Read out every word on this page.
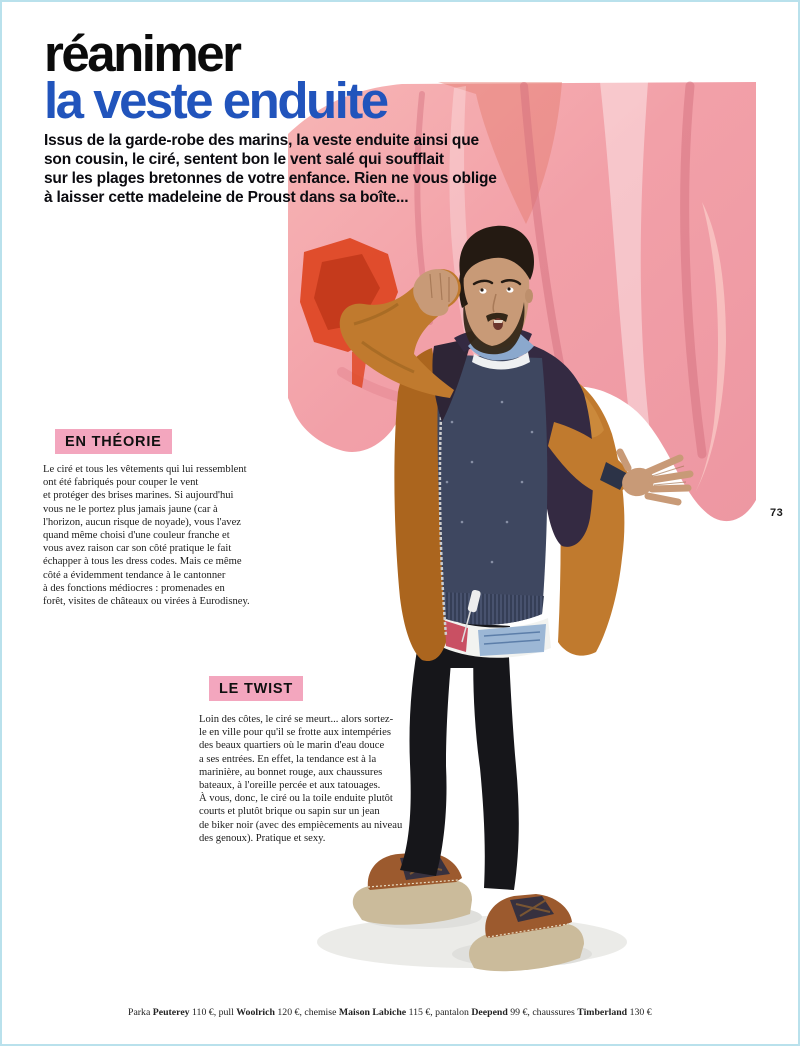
réanimer
la veste enduite
Issus de la garde-robe des marins, la veste enduite ainsi que
son cousin, le ciré, sentent bon le vent salé qui soufflait
sur les plages bretonnes de votre enfance. Rien ne vous oblige
à laisser cette madeleine de Proust dans sa boîte...
EN THÉORIE
Le ciré et tous les vêtements qui lui ressemblent
ont été fabriqués pour couper le vent
et protéger des brises marines. Si aujourd'hui
vous ne le portez plus jamais jaune (car à
l'horizon, aucun risque de noyade), vous l'avez
quand même choisi d'une couleur franche et
vous avez raison car son côté pratique le fait
échapper à tous les dress codes. Mais ce même
côté a évidemment tendance à le cantonner
à des fonctions médiocres : promenades en
forêt, visites de châteaux ou virées à Eurodisney.
LE TWIST
Loin des côtes, le ciré se meurt... alors sortez-
le en ville pour qu'il se frotte aux intempéries
des beaux quartiers où le marin d'eau douce
a ses entrées. En effet, la tendance est à la
marinière, au bonnet rouge, aux chaussures
bateaux, à l'oreille percée et aux tatouages.
À vous, donc, le ciré ou la toile enduite plutôt
courts et plutôt brique ou sapin sur un jean
de biker noir (avec des empiècements au niveau
des genoux). Pratique et sexy.
73
Parka Peuterey 110 €, pull Woolrich 120 €, chemise Maison Labiche 115 €, pantalon Deepend 99 €, chaussures Timberland 130 €
